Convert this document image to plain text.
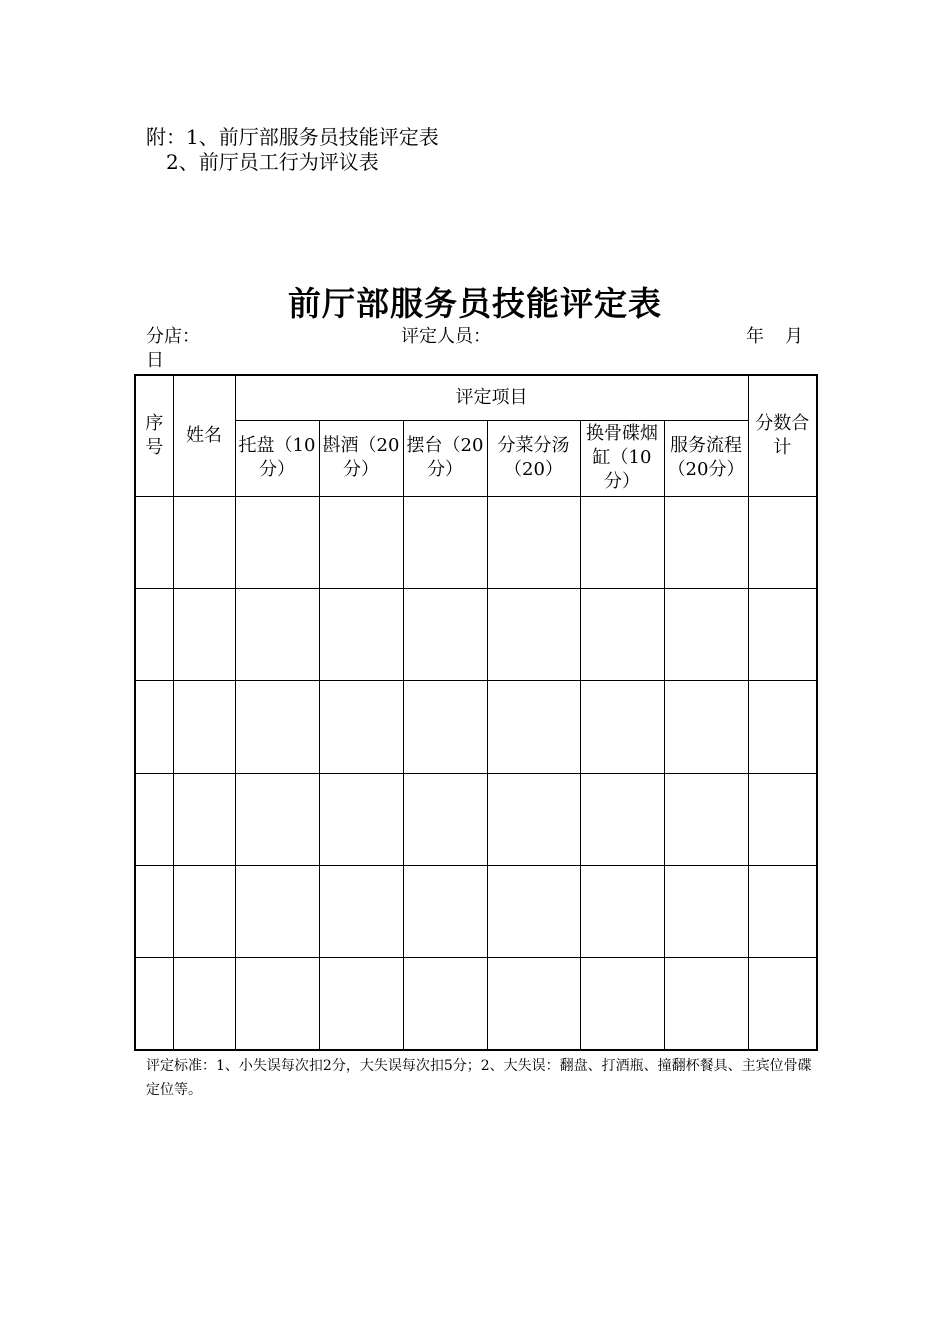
附：1、前厅部服务员技能评定表
2、前厅员工行为评议表
前厅部服务员技能评定表
分店：	评定人员：	年 月
日
序号	姓名	评定项目						分数合计
		托盘（10分）	斟酒（20分）	摆台（20分）	分菜分汤（20）	换骨碟烟缸（10分）	服务流程（20分）	

评定标准：1、小失误每次扣2分，大失误每次扣5分；2、大失误：翻盘、打酒瓶、撞翻杯餐具、主宾位骨碟定位等。
